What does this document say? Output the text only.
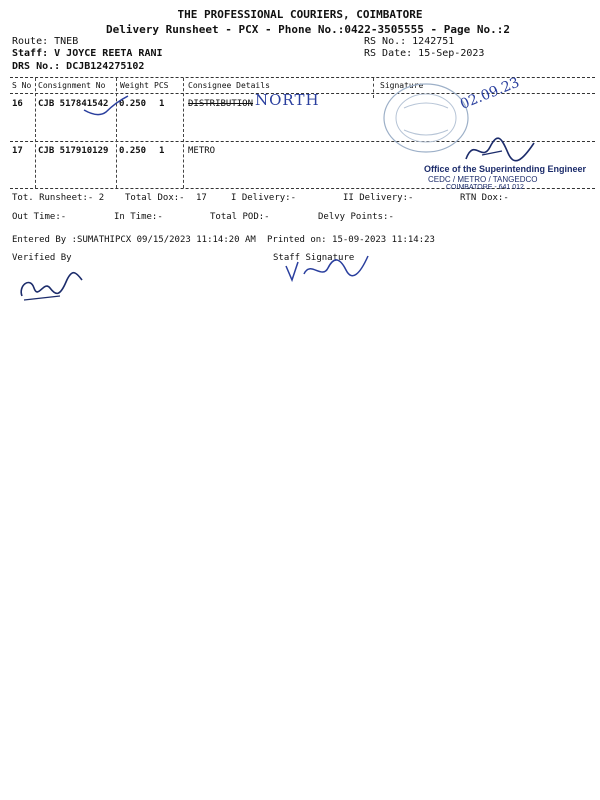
THE PROFESSIONAL COURIERS, COIMBATORE
Delivery Runsheet - PCX - Phone No.:0422-3505555 - Page No.:2
Route: TNEB
Staff: V JOYCE REETA RANI
DRS No.: DCJB124275102
RS No.: 1242751
RS Date: 15-Sep-2023
S No Consignment No Weight PCS Consignee Details	Signature
16 CJB 517841542 0.250 1	DISTRIBUTION NORTH
17 CJB 517910129 0.250 1	METRO
02.09.23
Office of the Superintending Engineer
CEDC / METRO / TANGEDCO
COIMBATORE - 641 012
Tot. Runsheet:- 2 Total Dox:- 17	I Delivery:-	II Delivery:-	RTN Dox:-
Out Time:-	In Time:-	Total POD:-	Delvy Points:-
Entered By :SUMATHIPCX 09/15/2023 11:14:20 AM Printed on: 15-09-2023 11:14:23
Verified By	Staff Signature
